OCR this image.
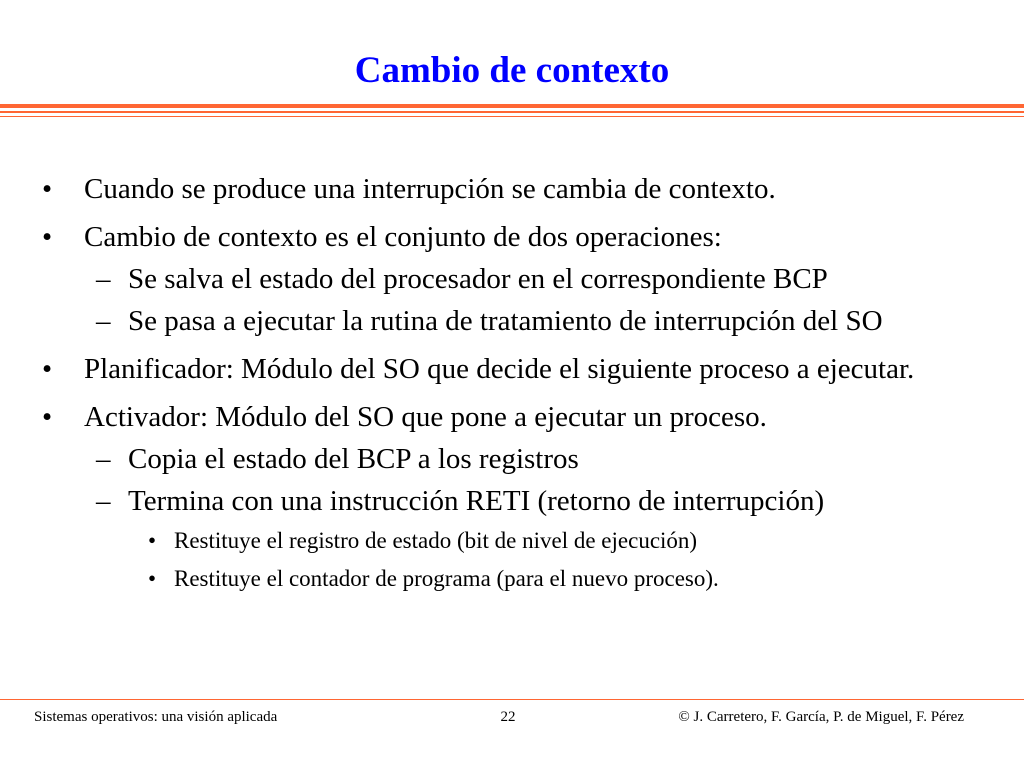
Cambio de contexto
• Cuando se produce una interrupción se cambia de contexto.
• Cambio de contexto es el conjunto de dos operaciones:
– Se salva el estado del procesador en el correspondiente BCP
– Se pasa a ejecutar la rutina de tratamiento de interrupción del SO
• Planificador: Módulo del SO que decide el siguiente proceso a ejecutar.
• Activador: Módulo del SO que pone a ejecutar un proceso.
– Copia el estado del BCP a los registros
– Termina con una instrucción RETI (retorno de interrupción)
• Restituye el registro de estado (bit de nivel de ejecución)
• Restituye el contador de programa (para el nuevo proceso).
Sistemas operativos: una visión aplicada	22	© J. Carretero, F. García, P. de Miguel, F. Pérez
